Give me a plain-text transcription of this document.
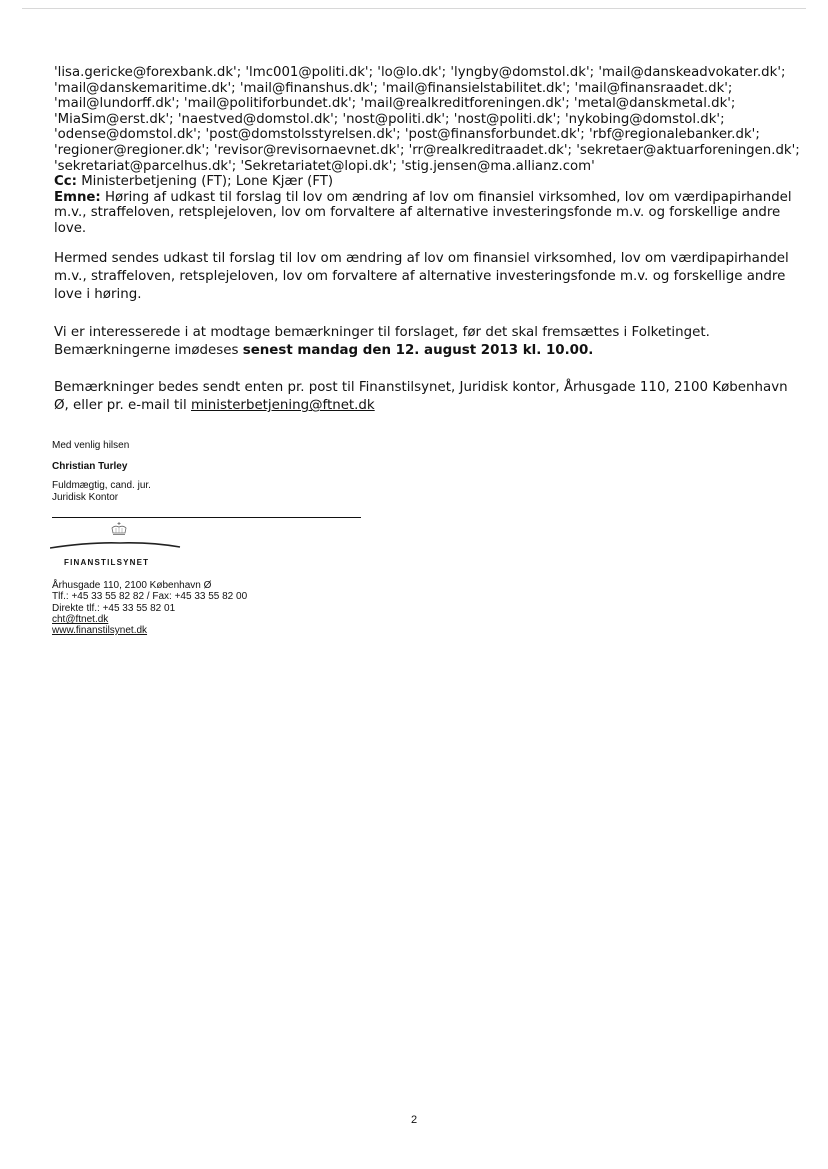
'lisa.gericke@forexbank.dk'; 'lmc001@politi.dk'; 'lo@lo.dk'; 'lyngby@domstol.dk'; 'mail@danskeadvokater.dk';
'mail@danskemaritime.dk'; 'mail@finanshus.dk'; 'mail@finansielstabilitet.dk'; 'mail@finansraadet.dk';
'mail@lundorff.dk'; 'mail@politiforbundet.dk'; 'mail@realkreditforeningen.dk'; 'metal@danskmetal.dk';
'MiaSim@erst.dk'; 'naestved@domstol.dk'; 'nost@politi.dk'; 'nost@politi.dk'; 'nykobing@domstol.dk';
'odense@domstol.dk'; 'post@domstolsstyrelsen.dk'; 'post@finansforbundet.dk'; 'rbf@regionalebanker.dk';
'regioner@regioner.dk'; 'revisor@revisornaevnet.dk'; 'rr@realkreditraadet.dk'; 'sekretaer@aktuarforeningen.dk';
'sekretariat@parcelhus.dk'; 'Sekretariatet@lopi.dk'; 'stig.jensen@ma.allianz.com'
Cc: Ministerbetjening (FT); Lone Kjær (FT)
Emne: Høring af udkast til forslag til lov om ændring af lov om finansiel virksomhed, lov om værdipapirhandel m.v., straffeloven, retsplejeloven, lov om forvaltere af alternative investeringsfonde m.v. og forskellige andre love.

Hermed sendes udkast til forslag til lov om ændring af lov om finansiel virksomhed, lov om værdipapirhandel m.v., straffeloven, retsplejeloven, lov om forvaltere af alternative investeringsfonde m.v. og forskellige andre love i høring.

Vi er interesserede i at modtage bemærkninger til forslaget, før det skal fremsættes i Folketinget. Bemærkningerne imødeses senest mandag den 12. august 2013 kl. 10.00.

Bemærkninger bedes sendt enten pr. post til Finanstilsynet, Juridisk kontor, Århusgade 110, 2100 København Ø, eller pr. e-mail til ministerbetjening@ftnet.dk

Med venlig hilsen
Christian Turley
Fuldmægtig, cand. jur.
Juridisk Kontor
FINANSTILSYNET
Århusgade 110, 2100 København Ø
Tlf.: +45 33 55 82 82 / Fax: +45 33 55 82 00
Direkte tlf.: +45 33 55 82 01
cht@ftnet.dk
www.finanstilsynet.dk
2
